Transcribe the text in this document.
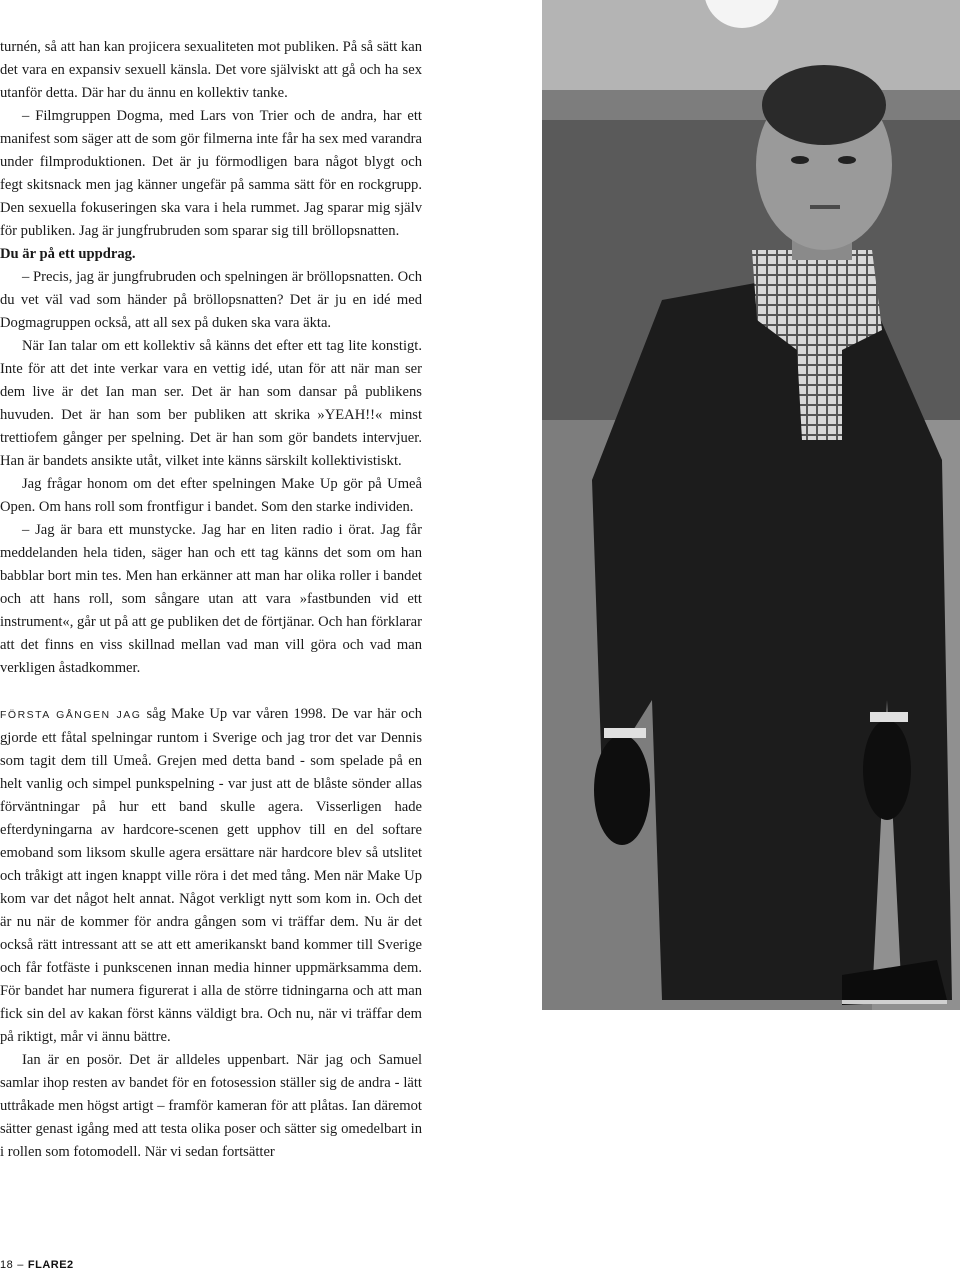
turnén, så att han kan projicera sexualiteten mot publiken. På så sätt kan det vara en expansiv sexuell känsla. Det vore själviskt att gå och ha sex utanför detta. Där har du ännu en kollektiv tanke.

– Filmgruppen Dogma, med Lars von Trier och de andra, har ett manifest som säger att de som gör filmerna inte får ha sex med varandra under filmproduktionen. Det är ju förmodligen bara något blygt och fegt skitsnack men jag känner ungefär på samma sätt för en rockgrupp. Den sexuella fokuseringen ska vara i hela rummet. Jag sparar mig själv för publiken. Jag är jungfrubruden som sparar sig till bröllopsnatten.

Du är på ett uppdrag.

– Precis, jag är jungfrubruden och spelningen är bröllopsnatten. Och du vet väl vad som händer på bröllopsnatten? Det är ju en idé med Dogmagruppen också, att all sex på duken ska vara äkta.

När Ian talar om ett kollektiv så känns det efter ett tag lite konstigt. Inte för att det inte verkar vara en vettig idé, utan för att när man ser dem live är det Ian man ser. Det är han som dansar på publikens huvuden. Det är han som ber publiken att skrika »YEAH!!« minst trettiofem gånger per spelning. Det är han som gör bandets intervjuer. Han är bandets ansikte utåt, vilket inte känns särskilt kollektivistiskt.

Jag frågar honom om det efter spelningen Make Up gör på Umeå Open. Om hans roll som frontfigur i bandet. Som den starke individen.

– Jag är bara ett munstycke. Jag har en liten radio i örat. Jag får meddelanden hela tiden, säger han och ett tag känns det som om han babblar bort min tes. Men han erkänner att man har olika roller i bandet och att hans roll, som sångare utan att vara »fastbunden vid ett instrument«, går ut på att ge publiken det de förtjänar. Och han förklarar att det finns en viss skillnad mellan vad man vill göra och vad man verkligen åstadkommer.

FÖRSTA GÅNGEN JAG såg Make Up var våren 1998. De var här och gjorde ett fåtal spelningar runtom i Sverige och jag tror det var Dennis som tagit dem till Umeå. Grejen med detta band - som spelade på en helt vanlig och simpel punkspelning - var just att de blåste sönder allas förväntningar på hur ett band skulle agera. Visserligen hade efterdyningarna av hardcore-scenen gett upphov till en del softare emoband som liksom skulle agera ersättare när hardcore blev så utslitet och tråkigt att ingen knappt ville röra i det med tång. Men när Make Up kom var det något helt annat. Något verkligt nytt som kom in. Och det är nu när de kommer för andra gången som vi träffar dem. Nu är det också rätt intressant att se att ett amerikanskt band kommer till Sverige och får fotfäste i punkscenen innan media hinner uppmärksamma dem. För bandet har numera figurerat i alla de större tidningarna och att man fick sin del av kakan först känns väldigt bra. Och nu, när vi träffar dem på riktigt, mår vi ännu bättre.

Ian är en posör. Det är alldeles uppenbart. När jag och Samuel samlar ihop resten av bandet för en fotosession ställer sig de andra - lätt uttråkade men högst artigt – framför kameran för att plåtas. Ian däremot sätter genast igång med att testa olika poser och sätter sig omedelbart in i rollen som fotomodell. När vi sedan fortsätter

18 – FLARE2
